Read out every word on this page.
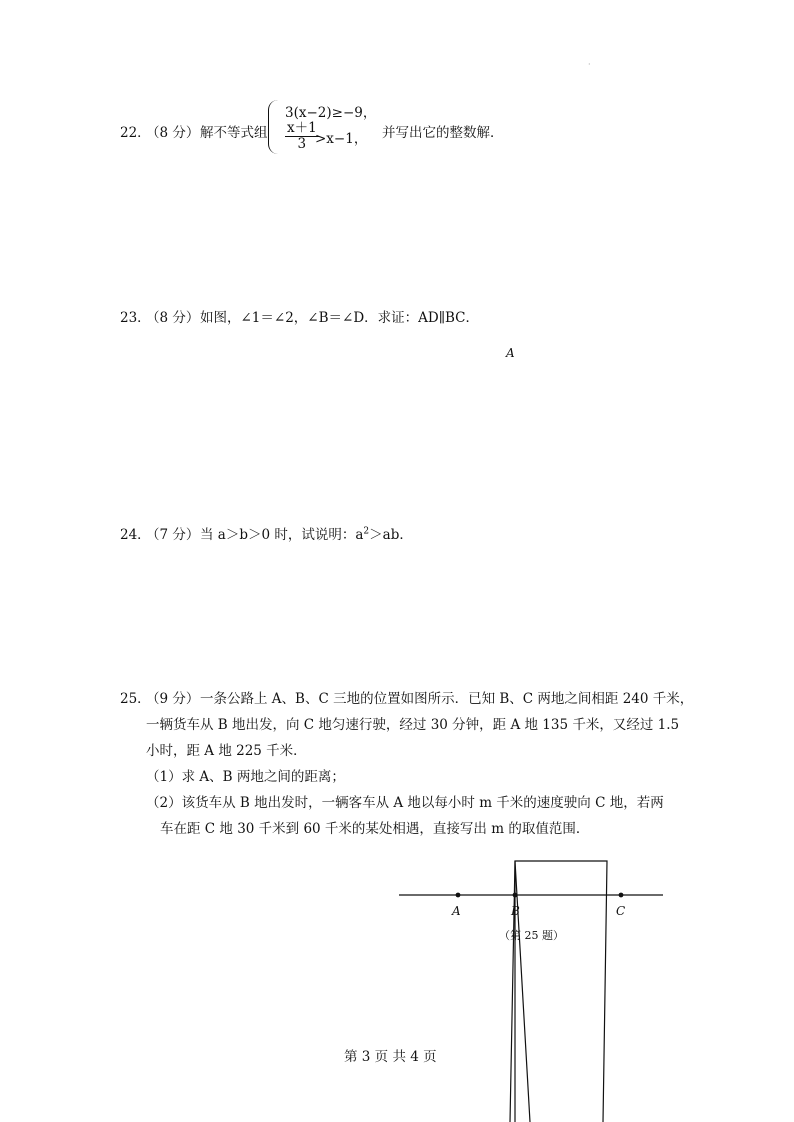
·
22．
（8 分） 解不等式组
3(x−2)≥−9，
$\frac{x+1}{3}$
>x−1， 并写出它的整数解．
23．
（8 分） 如图，∠1＝∠2，∠B＝∠D．求证：AD∥BC．
A
24．
（7 分） 当 a＞b＞0 时，试说明：$a^2>ab$．
25．
（9 分） 一条公路上 A、B、C 三地的位置如图所示．已知 B、C 两地之间相距 240 千米，
一辆货车从 B 地出发，向 C 地匀速行驶，经过 30 分钟，距 A 地 135 千米，又经过 1.5
小时，距 A 地 225 千米．
（1）求 A、B 两地之间的距离；
（2）该货车从 B 地出发时，一辆客车从 A 地以每小时 m 千米的速度驶向 C 地，若两
车在距 C 地 30 千米到 60 千米的某处相遇，直接写出 m 的取值范围．
A	B	C
（第 25 题）
第 3 页 共 4 页
